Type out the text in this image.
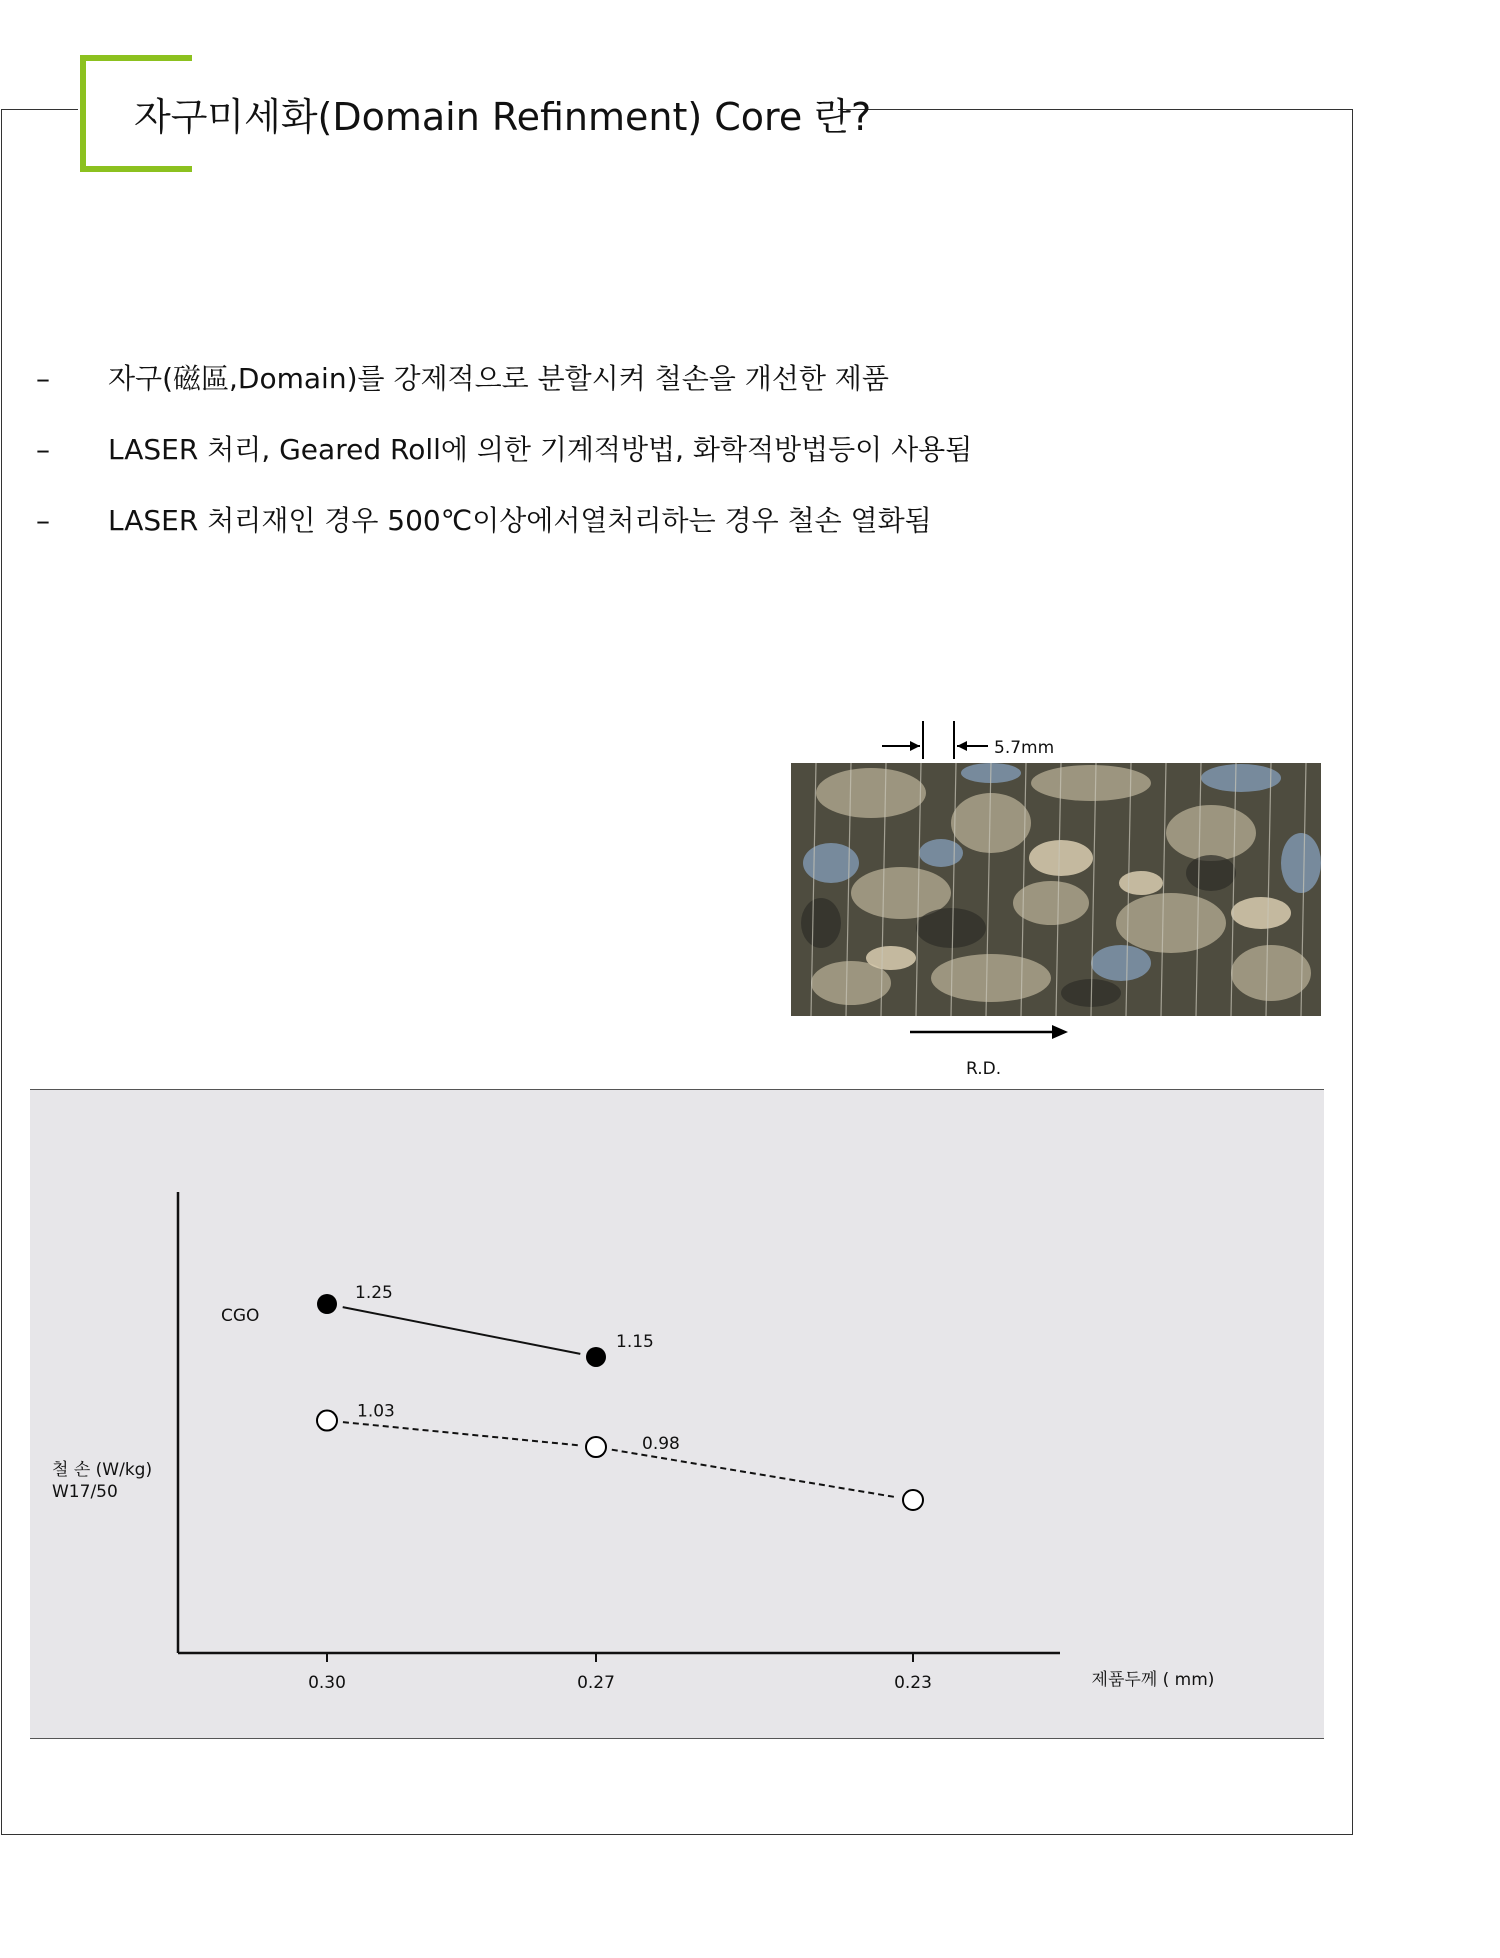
자구미세화(Domain Refinment) Core 란?
– 자구(磁區,Domain)를 강제적으로 분할시켜 철손을 개선한 제품
– LASER 처리, Geared Roll에 의한 기계적방법, 화학적방법등이 사용됨
– LASER 처리재인 경우 500℃이상에서열처리하는 경우 철손 열화됨
5.7mm
R.D.
철 손 (W/kg)
W17/50
제품두께 ( mm)
0.30	0.27	0.23
1.25
1.15
CGO
1.03
0.98
